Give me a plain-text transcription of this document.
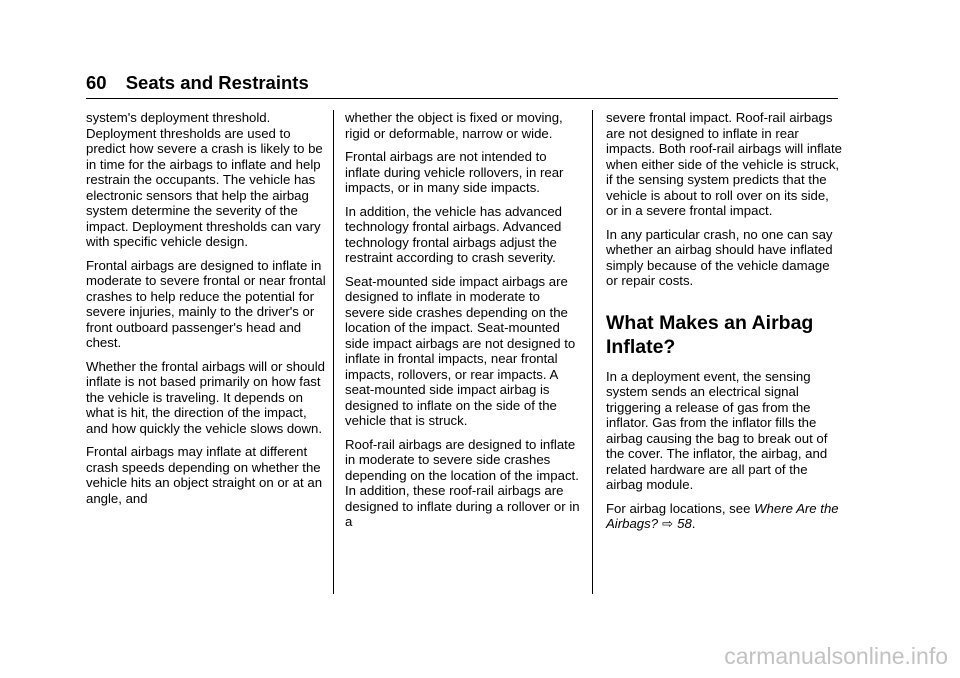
60 Seats and Restraints

system's deployment threshold. Deployment thresholds are used to predict how severe a crash is likely to be in time for the airbags to inflate and help restrain the occupants. The vehicle has electronic sensors that help the airbag system determine the severity of the impact. Deployment thresholds can vary with specific vehicle design.

Frontal airbags are designed to inflate in moderate to severe frontal or near frontal crashes to help reduce the potential for severe injuries, mainly to the driver's or front outboard passenger's head and chest.

Whether the frontal airbags will or should inflate is not based primarily on how fast the vehicle is traveling. It depends on what is hit, the direction of the impact, and how quickly the vehicle slows down.

Frontal airbags may inflate at different crash speeds depending on whether the vehicle hits an object straight on or at an angle, and

whether the object is fixed or moving, rigid or deformable, narrow or wide.

Frontal airbags are not intended to inflate during vehicle rollovers, in rear impacts, or in many side impacts.

In addition, the vehicle has advanced technology frontal airbags. Advanced technology frontal airbags adjust the restraint according to crash severity.

Seat-mounted side impact airbags are designed to inflate in moderate to severe side crashes depending on the location of the impact. Seat-mounted side impact airbags are not designed to inflate in frontal impacts, near frontal impacts, rollovers, or rear impacts. A seat-mounted side impact airbag is designed to inflate on the side of the vehicle that is struck.

Roof-rail airbags are designed to inflate in moderate to severe side crashes depending on the location of the impact. In addition, these roof-rail airbags are designed to inflate during a rollover or in a

severe frontal impact. Roof-rail airbags are not designed to inflate in rear impacts. Both roof-rail airbags will inflate when either side of the vehicle is struck, if the sensing system predicts that the vehicle is about to roll over on its side, or in a severe frontal impact.

In any particular crash, no one can say whether an airbag should have inflated simply because of the vehicle damage or repair costs.

What Makes an Airbag Inflate?

In a deployment event, the sensing system sends an electrical signal triggering a release of gas from the inflator. Gas from the inflator fills the airbag causing the bag to break out of the cover. The inflator, the airbag, and related hardware are all part of the airbag module.

For airbag locations, see Where Are the Airbags? ⇨ 58.

carmanualsonline.info
